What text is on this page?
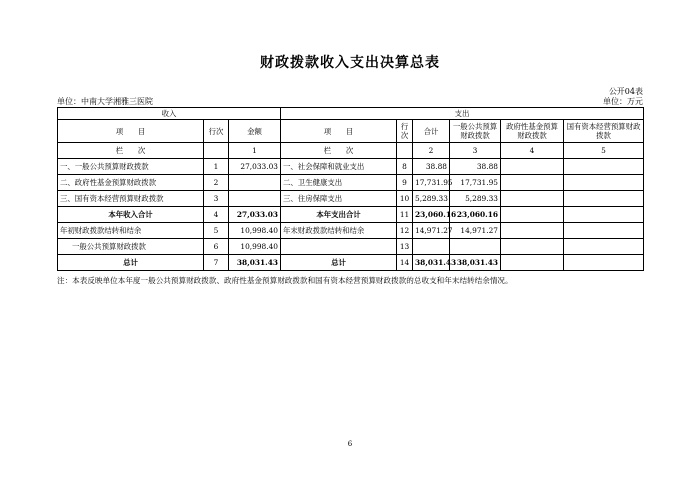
财政拨款收入支出决算总表
公开04表
单位：中南大学湘雅三医院	单位：万元
收入			支出					
项　　目	行次	金额	项　　目	行次	合计	一般公共预算财政拨款	政府性基金预算财政拨款	国有资本经营预算财政拨款
栏　　次		1	栏　　次		2	3	4	5
一、一般公共预算财政拨款	1	27,033.03	一、社会保障和就业支出	8	38.88	38.88		
二、政府性基金预算财政拨款	2		二、卫生健康支出	9	17,731.95	17,731.95		
三、国有资本经营预算财政拨款	3		三、住房保障支出	10	5,289.33	5,289.33		
本年收入合计	4	27,033.03	本年支出合计	11	23,060.16	23,060.16		
年初财政拨款结转和结余	5	10,998.40	年末财政拨款结转和结余	12	14,971.27	14,971.27		
一般公共预算财政拨款	6	10,998.40		13				
总计	7	38,031.43	总计	14	38,031.43	38,031.43		
注：本表反映单位本年度一般公共预算财政拨款、政府性基金预算财政拨款和国有资本经营预算财政拨款的总收支和年末结转结余情况。
6
